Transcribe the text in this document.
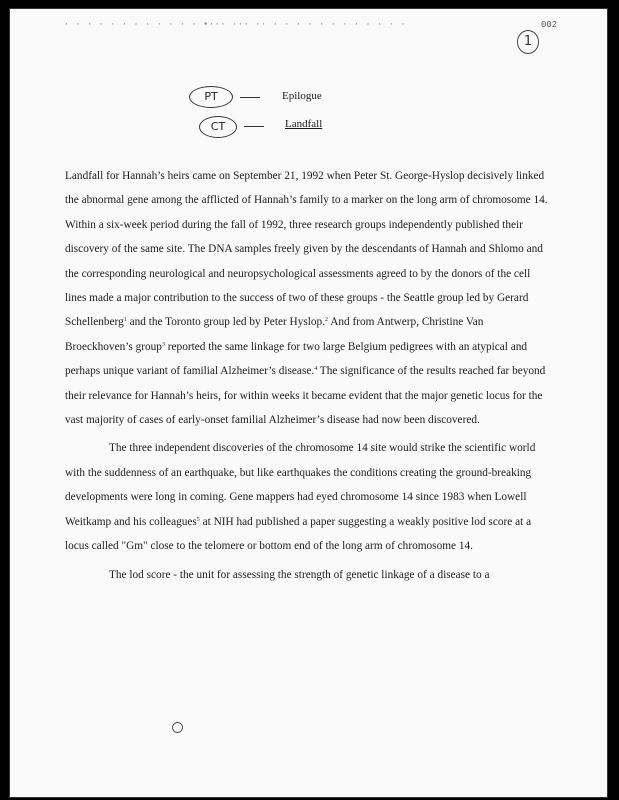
· · · · · · · · · · · · ▪··· ··· ·· · · · · · · · · · · · ·	002
1
PT	Epilogue
CT	Landfall

Landfall for Hannah’s heirs came on September 21, 1992 when Peter St. George-Hyslop decisively linked the abnormal gene among the afflicted of Hannah’s family to a marker on the long arm of chromosome 14. Within a six-week period during the fall of 1992, three research groups independently published their discovery of the same site. The DNA samples freely given by the descendants of Hannah and Shlomo and the corresponding neurological and neuropsychological assessments agreed to by the donors of the cell lines made a major contribution to the success of two of these groups - the Seattle group led by Gerard Schellenberg$^1$ and the Toronto group led by Peter Hyslop.$^2$ And from Antwerp, Christine Van Broeckhoven’s group$^3$ reported the same linkage for two large Belgium pedigrees with an atypical and perhaps unique variant of familial Alzheimer’s disease.$^4$ The significance of the results reached far beyond their relevance for Hannah’s heirs, for within weeks it became evident that the major genetic locus for the vast majority of cases of early-onset familial Alzheimer’s disease had now been discovered.

The three independent discoveries of the chromosome 14 site would strike the scientific world with the suddenness of an earthquake, but like earthquakes the conditions creating the ground-breaking developments were long in coming. Gene mappers had eyed chromosome 14 since 1983 when Lowell Weitkamp and his colleagues$^5$ at NIH had published a paper suggesting a weakly positive lod score at a locus called "Gm" close to the telomere or bottom end of the long arm of chromosome 14.

The lod score - the unit for assessing the strength of genetic linkage of a disease to a
